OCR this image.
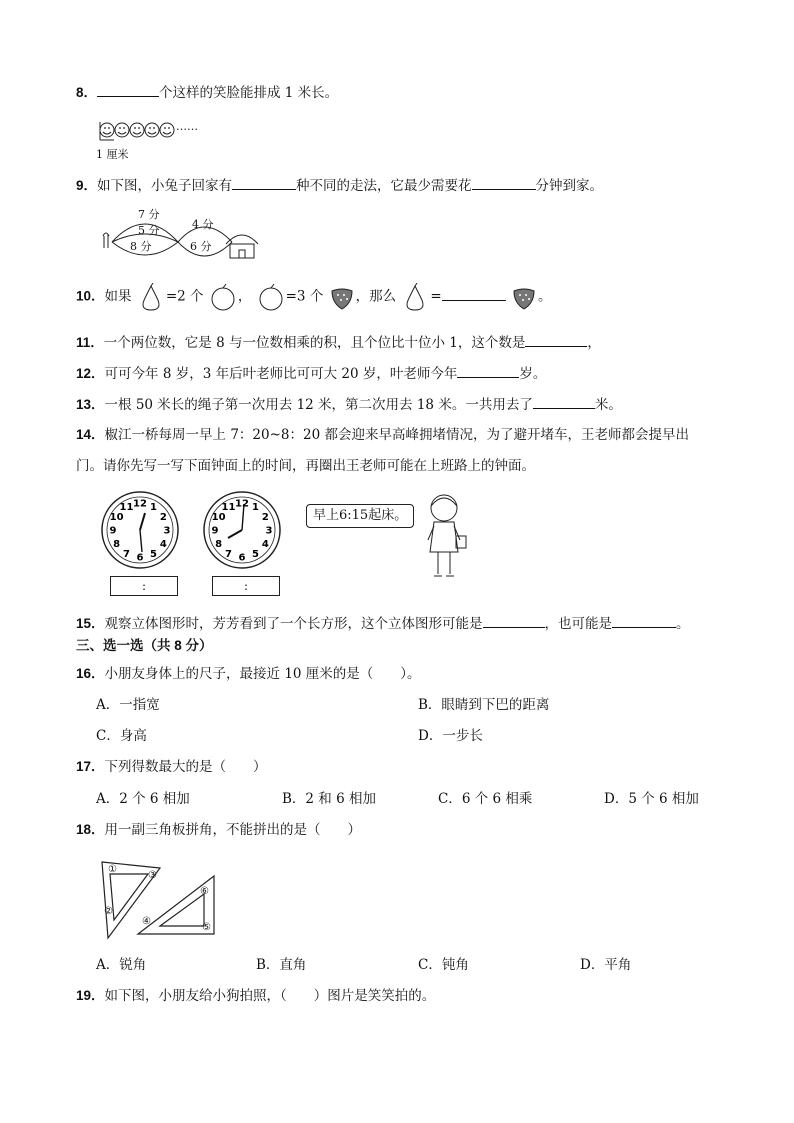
8．	个这样的笑脸能排成 1 米长。
……
1 厘米
9．如下图，小兔子回家有	种不同的走法，它最少需要花	分钟到家。
7 分
5 分
8 分
4 分
6 分
10．如果	=2 个	，	=3 个 ，那么	=	。
11．一个两位数，它是 8 与一位数相乘的积，且个位比十位小 1，这个数是	，
12．可可今年 8 岁，3 年后叶老师比可可大 20 岁，叶老师今年	岁。
13．一根 50 米长的绳子第一次用去 12 米，第二次用去 18 米。一共用去了	米。
14．椒江一桥每周一早上 7：20~8：20 都会迎来早高峰拥堵情况，为了避开堵车，王老师都会提早出
门。请你先写一写下面钟面上的时间，再圈出王老师可能在上班路上的钟面。
12 1
2
3
4
5
6
7
8
9
10
11	12 1
2
3
4
5
6
7
8
9
10
11
:	:
早上6:15起床。
15．观察立体图形时，芳芳看到了一个长方形，这个立体图形可能是	，也可能是	。
三、选一选（共 8 分）
16．小朋友身体上的尺子，最接近 10 厘米的是（　　）。
A．一指宽	B．眼睛到下巴的距离
C．身高	D．一步长
17．下列得数最大的是（　　）
A．2 个 6 相加	B．2 和 6 相加	C．6 个 6 相乘	D．5 个 6 相加
18．用一副三角板拼角，不能拼出的是（　　）
①
②
③
④
⑤
⑥
A．锐角	B．直角	C．钝角	D．平角
19．如下图，小朋友给小狗拍照，（　　）图片是笑笑拍的。
